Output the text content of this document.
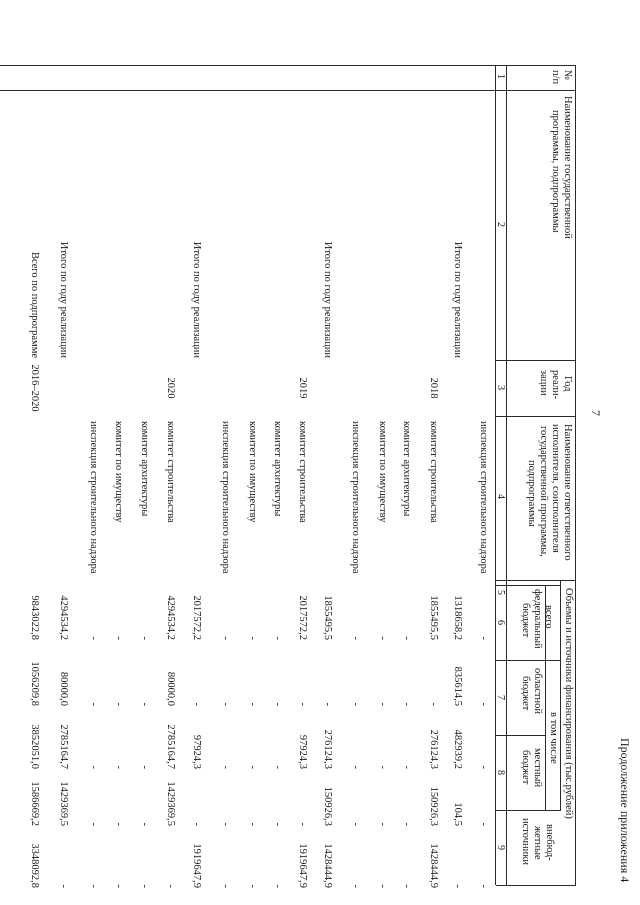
7
Продолжение приложения 4
№
п/п
Наименование государственной
программы, подпрограммы
Год
реали-
зации
Наименование ответственного
исполнителя, соисполнителя
государственной программы,
подпрограммы
Объемы и источники финансирования (тыс.рублей)
всего
в том числе
федеральный
бюджет
областной
бюджет
местный
бюджет
внебюд-
жетные
источники
1
2
3
4
5
6
7
8
9
инспекция строительного надзора
-
-
-
-
-
Итого по году реализации
1318658,2
835614,5
482939,2
104,5
-
2018
комитет строительства
1855495,5
-
276124,3
150926,3
1428444,9
комитет архитектуры
-
-
-
-
-
комитет по имуществу
-
-
-
-
-
инспекция строительного надзора
-
-
-
-
-
Итого по году реализации
1855495,5
-
276124,3
150926,3
1428444,9
2019
комитет строительства
2017572,2
-
97924,3
-
1919647,9
комитет архитектуры
-
-
-
-
-
комитет по имуществу
-
-
-
-
-
инспекция строительного надзора
-
-
-
-
-
Итого по году реализации
2017572,2
-
97924,3
-
1919647,9
2020
комитет строительства
4294534,2
80000,0
2785164,7
1429369,5
-
комитет архитектуры
-
-
-
-
-
комитет по имуществу
-
-
-
-
-
инспекция строительного надзора
-
-
-
-
-
Итого по году реализации
4294534,2
80000,0
2785164,7
1429369,5
-
Всего по подпрограмме
2016–2020
9843022,8
1056209,8
3852051,0
1586669,2
3348092,8
